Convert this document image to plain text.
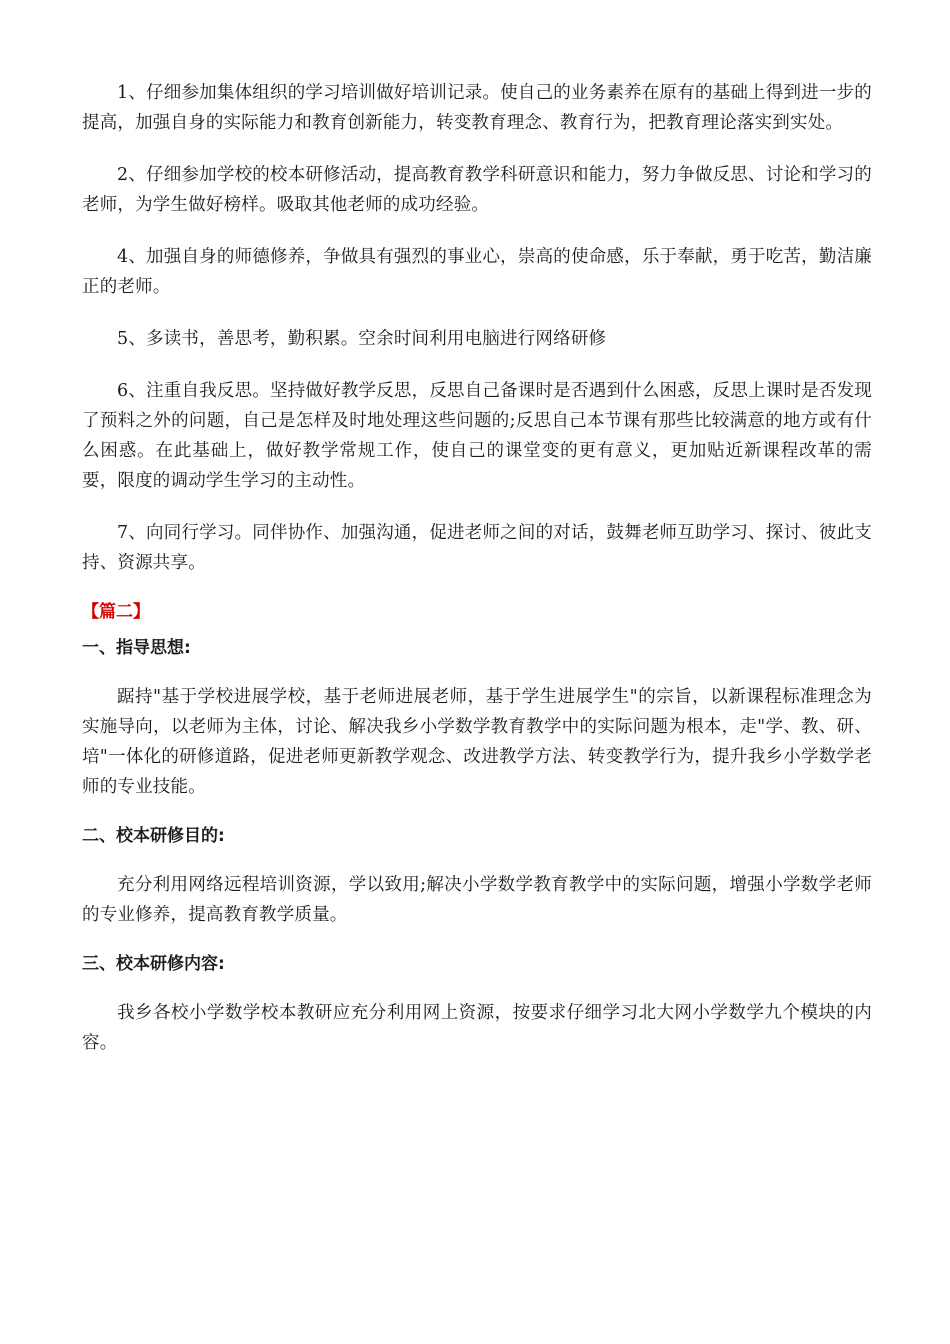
1、仔细参加集体组织的学习培训做好培训记录。使自己的业务素养在原有的基础上得到进一步的提高，加强自身的实际能力和教育创新能力，转变教育理念、教育行为，把教育理论落实到实处。

2、仔细参加学校的校本研修活动，提高教育教学科研意识和能力，努力争做反思、讨论和学习的老师，为学生做好榜样。吸取其他老师的成功经验。

4、加强自身的师德修养，争做具有强烈的事业心，崇高的使命感，乐于奉献，勇于吃苦，勤洁廉正的老师。

5、多读书，善思考，勤积累。空余时间利用电脑进行网络研修

6、注重自我反思。坚持做好教学反思，反思自己备课时是否遇到什么困惑，反思上课时是否发现了预料之外的问题，自己是怎样及时地处理这些问题的;反思自己本节课有那些比较满意的地方或有什么困惑。在此基础上，做好教学常规工作，使自己的课堂变的更有意义，更加贴近新课程改革的需要，限度的调动学生学习的主动性。

7、向同行学习。同伴协作、加强沟通，促进老师之间的对话，鼓舞老师互助学习、探讨、彼此支持、资源共享。

【篇二】
一、指导思想:

踞持"基于学校进展学校，基于老师进展老师，基于学生进展学生"的宗旨，以新课程标准理念为实施导向，以老师为主体，讨论、解决我乡小学数学教育教学中的实际问题为根本，走"学、教、研、培"一体化的研修道路，促进老师更新教学观念、改进教学方法、转变教学行为，提升我乡小学数学老师的专业技能。

二、校本研修目的:

充分利用网络远程培训资源，学以致用;解决小学数学教育教学中的实际问题，增强小学数学老师的专业修养，提高教育教学质量。

三、校本研修内容:

我乡各校小学数学校本教研应充分利用网上资源，按要求仔细学习北大网小学数学九个模块的内容。
